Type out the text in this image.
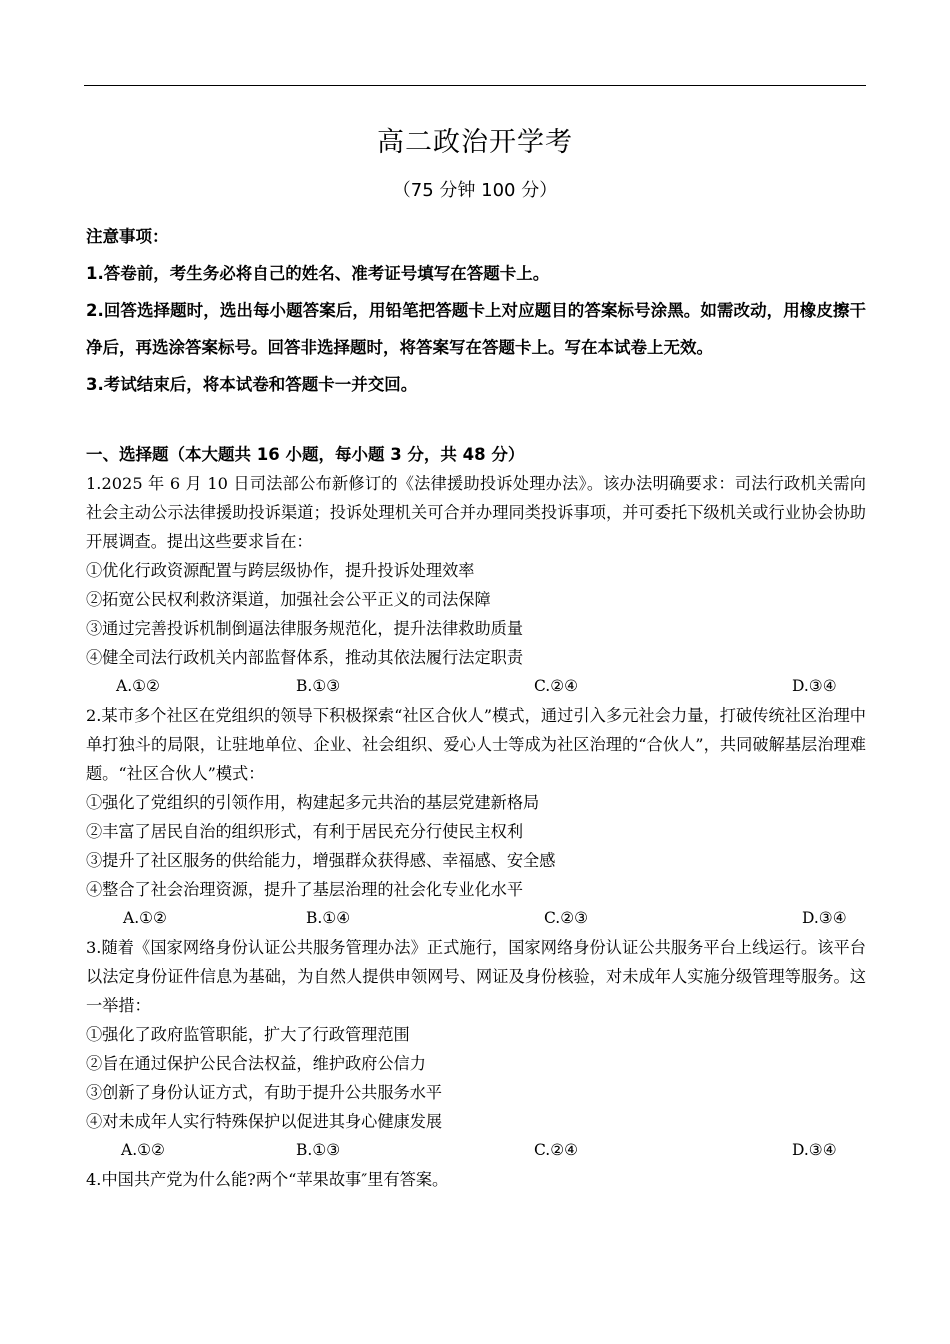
高二政治开学考
（75 分钟 100 分）
注意事项：
1.答卷前，考生务必将自己的姓名、准考证号填写在答题卡上。
2.回答选择题时，选出每小题答案后，用铅笔把答题卡上对应题目的答案标号涂黑。如需改动，用橡皮擦干净后，再选涂答案标号。回答非选择题时，将答案写在答题卡上。写在本试卷上无效。
3.考试结束后，将本试卷和答题卡一并交回。
一、选择题（本大题共 16 小题，每小题 3 分，共 48 分）
1.2025 年 6 月 10 日司法部公布新修订的《法律援助投诉处理办法》。该办法明确要求：司法行政机关需向社会主动公示法律援助投诉渠道；投诉处理机关可合并办理同类投诉事项，并可委托下级机关或行业协会协助开展调查。提出这些要求旨在：
①优化行政资源配置与跨层级协作，提升投诉处理效率
②拓宽公民权利救济渠道，加强社会公平正义的司法保障
③通过完善投诉机制倒逼法律服务规范化，提升法律救助质量
④健全司法行政机关内部监督体系，推动其依法履行法定职责
A.①②	B.①③	C.②④	D.③④
2.某市多个社区在党组织的领导下积极探索“社区合伙人”模式，通过引入多元社会力量，打破传统社区治理中单打独斗的局限，让驻地单位、企业、社会组织、爱心人士等成为社区治理的“合伙人”，共同破解基层治理难题。“社区合伙人”模式：
①强化了党组织的引领作用，构建起多元共治的基层党建新格局
②丰富了居民自治的组织形式，有利于居民充分行使民主权利
③提升了社区服务的供给能力，增强群众获得感、幸福感、安全感
④整合了社会治理资源，提升了基层治理的社会化专业化水平
A.①②	B.①④	C.②③	D.③④
3.随着《国家网络身份认证公共服务管理办法》正式施行，国家网络身份认证公共服务平台上线运行。该平台以法定身份证件信息为基础，为自然人提供申领网号、网证及身份核验，对未成年人实施分级管理等服务。这一举措：
①强化了政府监管职能，扩大了行政管理范围
②旨在通过保护公民合法权益，维护政府公信力
③创新了身份认证方式，有助于提升公共服务水平
④对未成年人实行特殊保护以促进其身心健康发展
A.①②	B.①③	C.②④	D.③④
4.中国共产党为什么能?两个“苹果故事″里有答案。
